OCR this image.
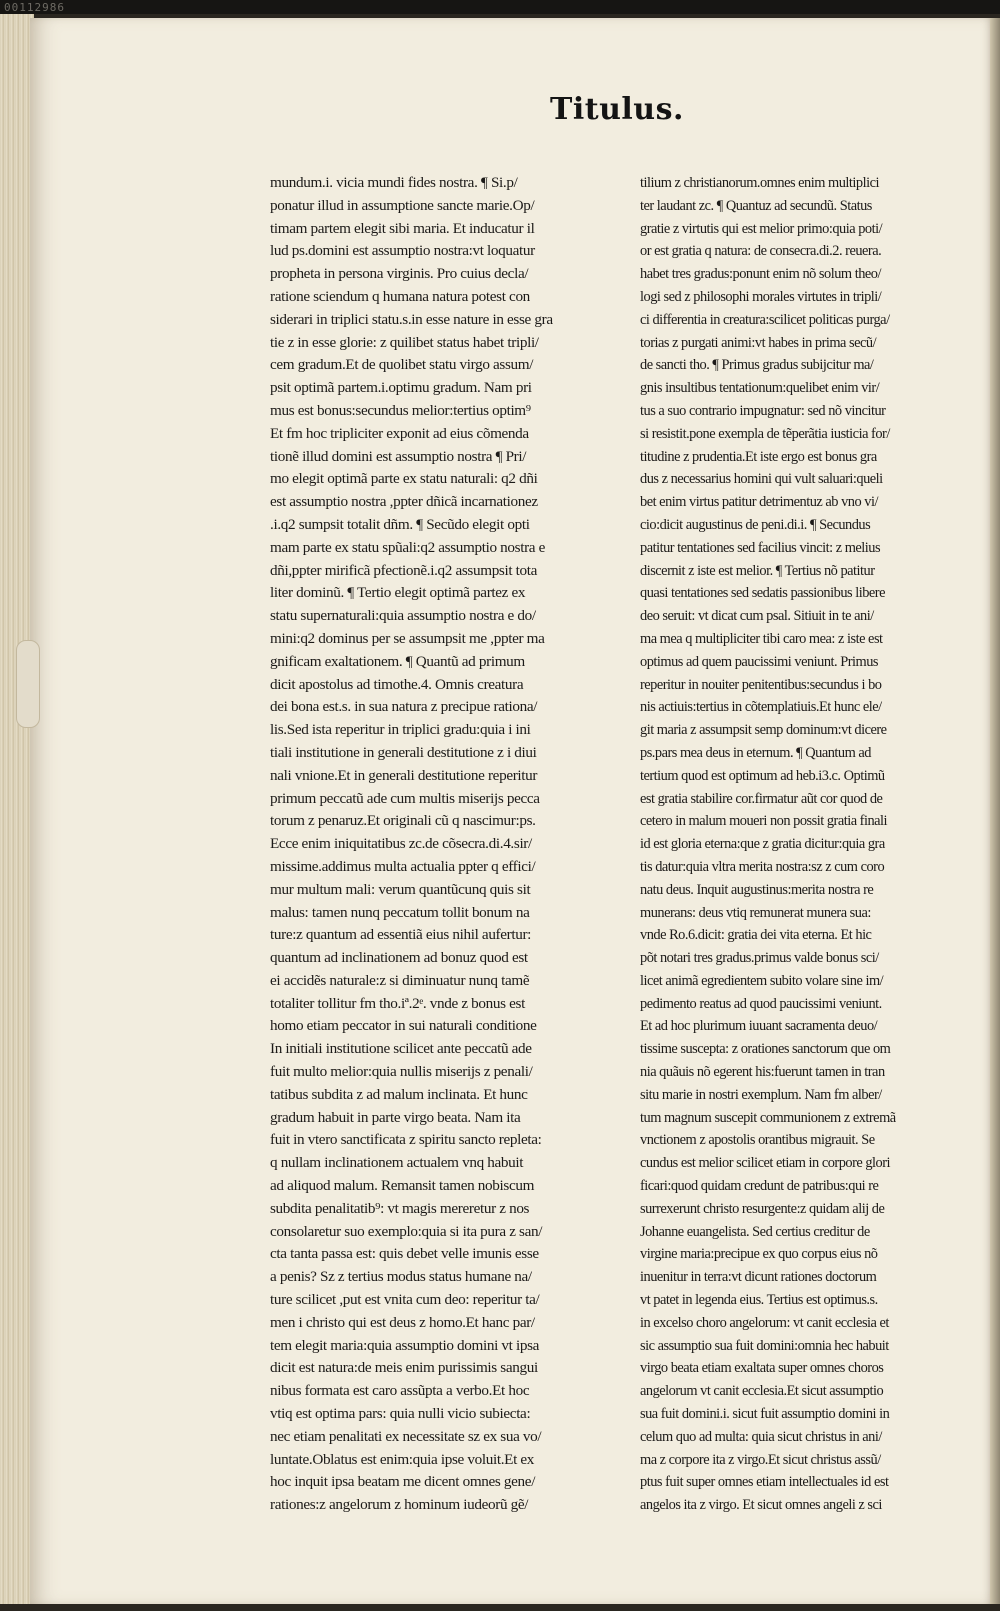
00112986
Titulus.
mundum.i. vicia mundi fides nostra. ¶ Si.p/
ponatur illud in assumptione sancte marie.Op/
timam partem elegit sibi maria. Et inducatur il
lud ps.domini est assumptio nostra:vt loquatur
propheta in persona virginis. Pro cuius decla/
ratione sciendum q humana natura potest con
siderari in triplici statu.s.in esse nature in esse gra
tie z in esse glorie: z quilibet status habet tripli/
cem gradum.Et de quolibet statu virgo assum/
psit optimã partem.i.optimu gradum. Nam pri
mus est bonus:secundus melior:tertius optim⁹
Et fm hoc tripliciter exponit ad eius cõmenda
tionẽ illud domini est assumptio nostra ¶ Pri/
mo elegit optimã parte ex statu naturali: q2 dñi
est assumptio nostra ,ppter dñicã incarnationez
.i.q2 sumpsit totalit dñm. ¶ Secũdo elegit opti
mam parte ex statu spũali:q2 assumptio nostra e
dñi,ppter mirificã pfectionẽ.i.q2 assumpsit tota
liter dominũ. ¶ Tertio elegit optimã partez ex
statu supernaturali:quia assumptio nostra e do/
mini:q2 dominus per se assumpsit me ,ppter ma
gnificam exaltationem. ¶ Quantũ ad primum
dicit apostolus ad timothe.4. Omnis creatura
dei bona est.s. in sua natura z precipue rationa/
lis.Sed ista reperitur in triplici gradu:quia i ini
tiali institutione in generali destitutione z i diui
nali vnione.Et in generali destitutione reperitur
primum peccatũ ade cum multis miserijs pecca
torum z penaruz.Et originali cũ q nascimur:ps.
Ecce enim iniquitatibus zc.de cõsecra.di.4.sir/
missime.addimus multa actualia ppter q effici/
mur multum mali: verum quantũcunq quis sit
malus: tamen nunq peccatum tollit bonum na
ture:z quantum ad essentiã eius nihil aufertur:
quantum ad inclinationem ad bonuz quod est
ei accidẽs naturale:z si diminuatur nunq tamẽ
totaliter tollitur fm tho.iª.2ᵉ. vnde z bonus est
homo etiam peccator in sui naturali conditione
In initiali institutione scilicet ante peccatũ ade
fuit multo melior:quia nullis miserijs z penali/
tatibus subdita z ad malum inclinata. Et hunc
gradum habuit in parte virgo beata. Nam ita
fuit in vtero sanctificata z spiritu sancto repleta:
q nullam inclinationem actualem vnq habuit
ad aliquod malum. Remansit tamen nobiscum
subdita penalitatib⁹: vt magis mereretur z nos
consolaretur suo exemplo:quia si ita pura z san/
cta tanta passa est: quis debet velle imunis esse
a penis? Sz z tertius modus status humane na/
ture scilicet ,put est vnita cum deo: reperitur ta/
men i christo qui est deus z homo.Et hanc par/
tem elegit maria:quia assumptio domini vt ipsa
dicit est natura:de meis enim purissimis sangui
nibus formata est caro assũpta a verbo.Et hoc
vtiq est optima pars: quia nulli vicio subiecta:
nec etiam penalitati ex necessitate sz ex sua vo/
luntate.Oblatus est enim:quia ipse voluit.Et ex
hoc inquit ipsa beatam me dicent omnes gene/
rationes:z angelorum z hominum iudeorũ gẽ/
tilium z christianorum.omnes enim multiplici
ter laudant zc. ¶ Quantuz ad secundũ. Status
gratie z virtutis qui est melior primo:quia poti/
or est gratia q natura: de consecra.di.2. reuera.
habet tres gradus:ponunt enim nõ solum theo/
logi sed z philosophi morales virtutes in tripli/
ci differentia in creatura:scilicet politicas purga/
torias z purgati animi:vt habes in prima secũ/
de sancti tho. ¶ Primus gradus subijcitur ma/
gnis insultibus tentationum:quelibet enim vir/
tus a suo contrario impugnatur: sed nõ vincitur
si resistit.pone exempla de tẽperãtia iusticia for/
titudine z prudentia.Et iste ergo est bonus gra
dus z necessarius homini qui vult saluari:queli
bet enim virtus patitur detrimentuz ab vno vi/
cio:dicit augustinus de peni.di.i. ¶ Secundus
patitur tentationes sed facilius vincit: z melius
discernit z iste est melior. ¶ Tertius nõ patitur
quasi tentationes sed sedatis passionibus libere
deo seruit: vt dicat cum psal. Sitiuit in te ani/
ma mea q multipliciter tibi caro mea: z iste est
optimus ad quem paucissimi veniunt. Primus
reperitur in nouiter penitentibus:secundus i bo
nis actiuis:tertius in cõtemplatiuis.Et hunc ele/
git maria z assumpsit semp dominum:vt dicere
ps.pars mea deus in eternum. ¶ Quantum ad
tertium quod est optimum ad heb.i3.c. Optimũ
est gratia stabilire cor.firmatur aũt cor quod de
cetero in malum moueri non possit gratia finali
id est gloria eterna:que z gratia dicitur:quia gra
tis datur:quia vltra merita nostra:sz z cum coro
natu deus. Inquit augustinus:merita nostra re
munerans: deus vtiq remunerat munera sua:
vnde Ro.6.dicit: gratia dei vita eterna. Et hic
põt notari tres gradus.primus valde bonus sci/
licet animã egredientem subito volare sine im/
pedimento reatus ad quod paucissimi veniunt.
Et ad hoc plurimum iuuant sacramenta deuo/
tissime suscepta: z orationes sanctorum que om
nia quãuis nõ egerent his:fuerunt tamen in tran
situ marie in nostri exemplum. Nam fm alber/
tum magnum suscepit communionem z extremã
vnctionem z apostolis orantibus migrauit. Se
cundus est melior scilicet etiam in corpore glori
ficari:quod quidam credunt de patribus:qui re
surrexerunt christo resurgente:z quidam alij de
Johanne euangelista. Sed certius creditur de
virgine maria:precipue ex quo corpus eius nõ
inuenitur in terra:vt dicunt rationes doctorum
vt patet in legenda eius. Tertius est optimus.s.
in excelso choro angelorum: vt canit ecclesia et
sic assumptio sua fuit domini:omnia hec habuit
virgo beata etiam exaltata super omnes choros
angelorum vt canit ecclesia.Et sicut assumptio
sua fuit domini.i. sicut fuit assumptio domini in
celum quo ad multa: quia sicut christus in ani/
ma z corpore ita z virgo.Et sicut christus assũ/
ptus fuit super omnes etiam intellectuales id est
angelos ita z virgo. Et sicut omnes angeli z sci
